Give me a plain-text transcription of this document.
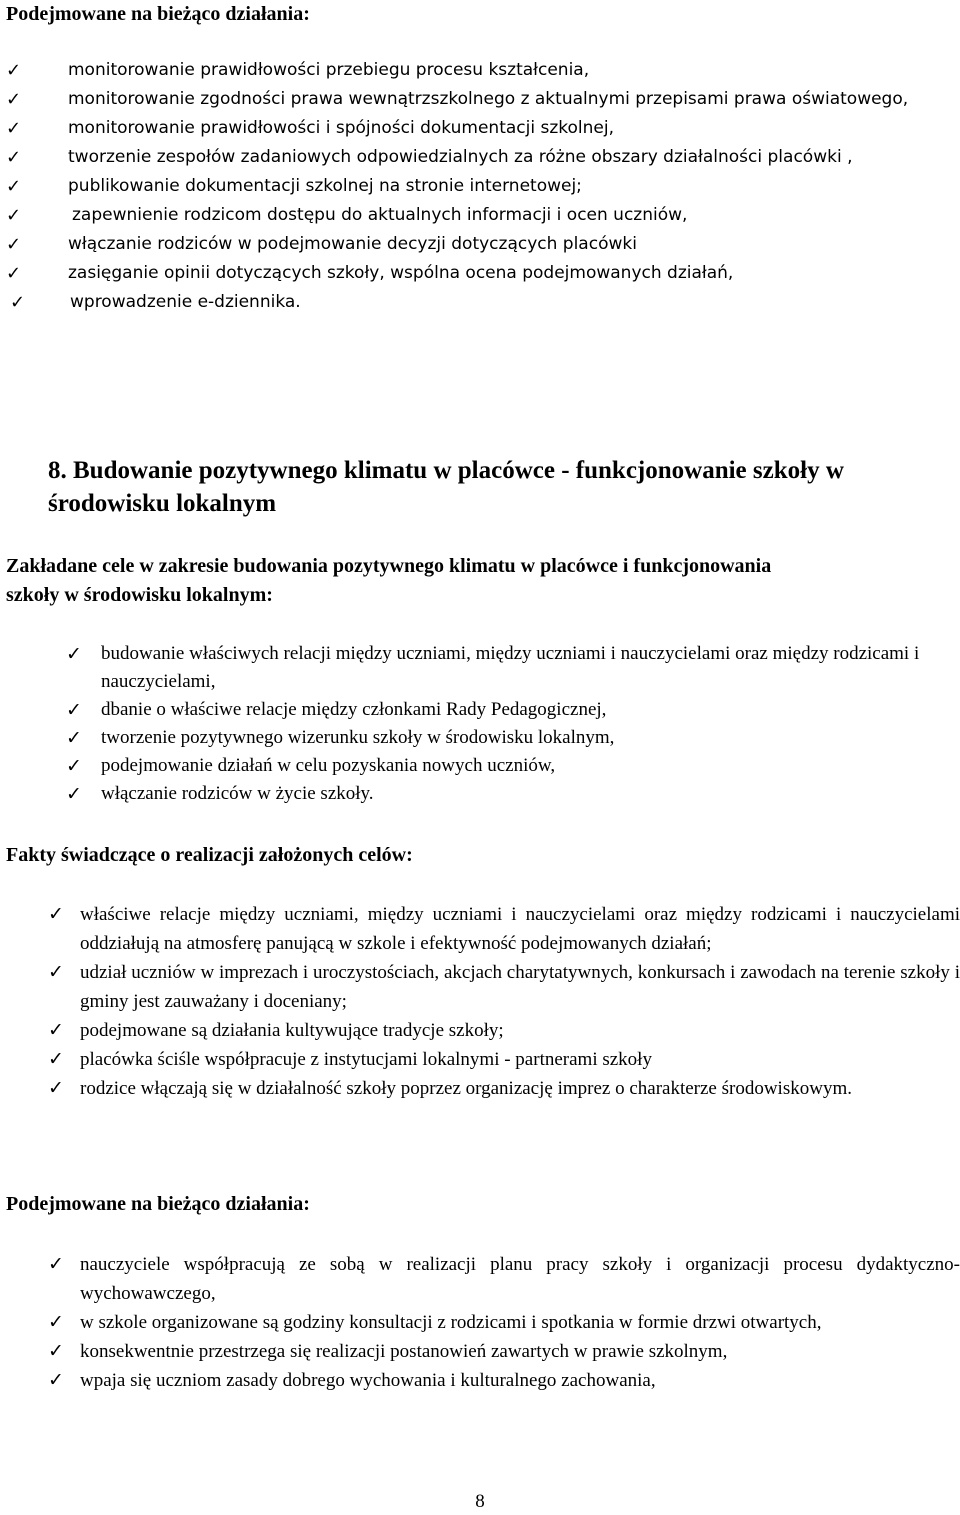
Podejmowane na bieżąco działania:
✓	monitorowanie prawidłowości przebiegu procesu kształcenia,
✓	monitorowanie zgodności prawa wewnątrzszkolnego z aktualnymi przepisami prawa oświatowego,
✓	monitorowanie prawidłowości i spójności dokumentacji szkolnej,
✓	tworzenie zespołów zadaniowych odpowiedzialnych za różne obszary działalności placówki ,
✓	publikowanie dokumentacji szkolnej na stronie internetowej;
✓	zapewnienie rodzicom dostępu do aktualnych informacji i ocen uczniów,
✓	włączanie rodziców w podejmowanie decyzji dotyczących placówki
✓	zasięganie opinii dotyczących szkoły, wspólna ocena podejmowanych działań,
✓	wprowadzenie e-dziennika.
8. Budowanie pozytywnego klimatu w placówce - funkcjonowanie szkoły w środowisku lokalnym
Zakładane cele w zakresie budowania pozytywnego klimatu w placówce i funkcjonowania szkoły w środowisku lokalnym:
✓ budowanie właściwych relacji między uczniami, między uczniami i nauczycielami oraz między rodzicami i nauczycielami,
✓ dbanie o właściwe relacje między członkami Rady Pedagogicznej,
✓ tworzenie pozytywnego wizerunku szkoły w środowisku lokalnym,
✓ podejmowanie działań w celu pozyskania nowych uczniów,
✓ włączanie rodziców w życie szkoły.
Fakty świadczące o realizacji założonych celów:
✓ właściwe relacje między uczniami, między uczniami i nauczycielami oraz między rodzicami i nauczycielami oddziałują na atmosferę panującą w szkole i efektywność podejmowanych działań;
✓ udział uczniów w imprezach i uroczystościach, akcjach charytatywnych, konkursach i zawodach na terenie szkoły i gminy jest zauważany i doceniany;
✓ podejmowane są działania kultywujące tradycje szkoły;
✓ placówka ściśle współpracuje z instytucjami lokalnymi - partnerami szkoły
✓ rodzice włączają się w działalność szkoły poprzez organizację imprez o charakterze środowiskowym.
Podejmowane na bieżąco działania:
✓ nauczyciele współpracują ze sobą w realizacji planu pracy szkoły i organizacji procesu dydaktyczno-wychowawczego,
✓ w szkole organizowane są godziny konsultacji z rodzicami i spotkania w formie drzwi otwartych,
✓ konsekwentnie przestrzega się realizacji postanowień zawartych w prawie szkolnym,
✓ wpaja się uczniom zasady dobrego wychowania i kulturalnego zachowania,
8
